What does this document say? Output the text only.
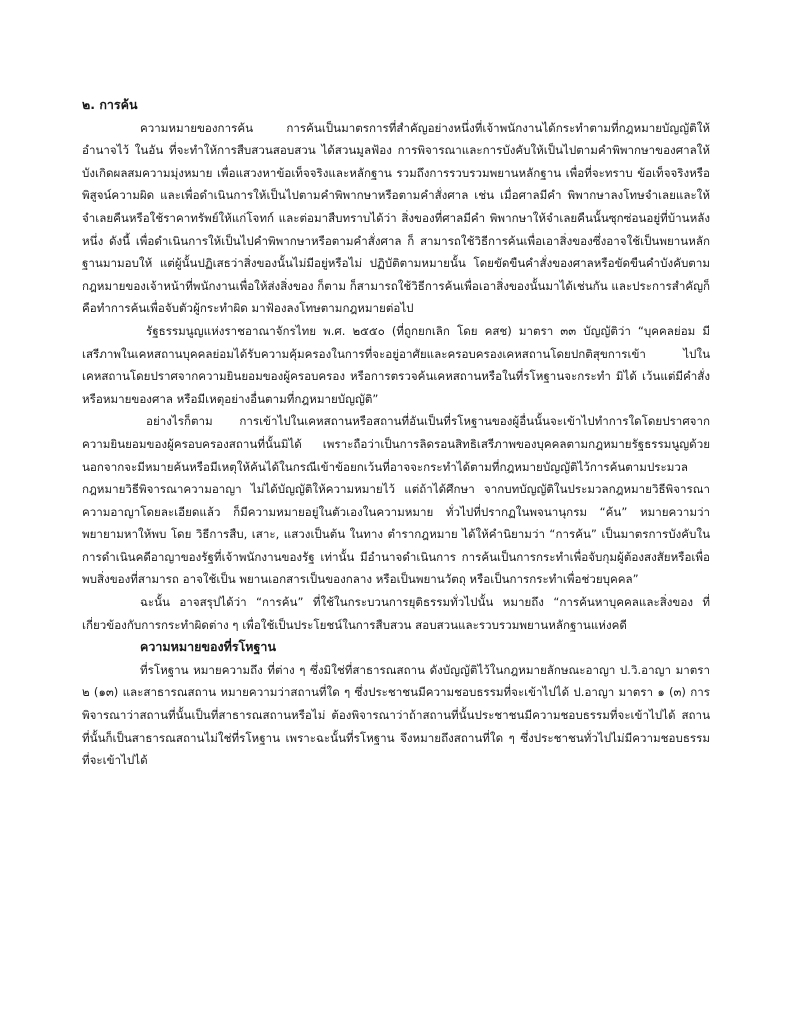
๒. การค้น

ความหมายของการค้น การค้นเป็นมาตรการที่สำคัญอย่างหนึ่งที่เจ้าพนักงานได้กระทำตามที่กฎหมายบัญญัติให้อำนาจไว้ ในอัน ที่จะทำให้การสืบสวนสอบสวน ได้สวนมูลฟ้อง การพิจารณาและการบังคับให้เป็นไปตามคำพิพากษาของศาลให้ บังเกิดผลสมความมุ่งหมาย เพื่อแสวงหาข้อเท็จจริงและหลักฐาน รวมถึงการรวบรวมพยานหลักฐาน เพื่อที่จะทราบ ข้อเท็จจริงหรือพิสูจน์ความผิด และเพื่อดำเนินการให้เป็นไปตามคำพิพากษาหรือตามคำสั่งศาล เช่น เมื่อศาลมีคำ พิพากษาลงโทษจำเลยและให้จำเลยคืนหรือใช้ราคาทรัพย์ให้แก่โจทก์ และต่อมาสืบทราบได้ว่า สิ่งของที่ศาลมีคำ พิพากษาให้จำเลยคืนนั้นซุกซ่อนอยู่ที่บ้านหลังหนึ่ง ดังนี้ เพื่อดำเนินการให้เป็นไปคำพิพากษาหรือตามคำสั่งศาล ก็ สามารถใช้วิธีการค้นเพื่อเอาสิ่งของซึ่งอาจใช้เป็นพยานหลักฐานมามอบให้ แต่ผู้นั้นปฏิเสธว่าสิ่งของนั้นไม่มีอยู่หรือไม่ ปฏิบัติตามหมายนั้น โดยขัดขืนคำสั่งของศาลหรือขัดขืนคำบังคับตามกฎหมายของเจ้าหน้าที่พนักงานเพื่อให้ส่งสิ่งของ ก็ตาม ก็สามารถใช้วิธีการค้นเพื่อเอาสิ่งของนั้นมาได้เช่นกัน และประการสำคัญก็คือทำการค้นเพื่อจับตัวผู้กระทำผิด มาฟ้องลงโทษตามกฎหมายต่อไป

รัฐธรรมนูญแห่งราชอาณาจักรไทย พ.ศ. ๒๕๕๐ (ที่ถูกยกเลิก โดย คสช) มาตรา ๓๓ บัญญัติว่า “บุคคลย่อม มีเสรีภาพในเคหสถานบุคคลย่อมได้รับความคุ้มครองในการที่จะอยู่อาศัยและครอบครองเคหสถานโดยปกติสุขการเข้า ไปในเคหสถานโดยปราศจากความยินยอมของผู้ครอบครอง หรือการตรวจค้นเคหสถานหรือในที่รโหฐานจะกระทำ มิได้ เว้นแต่มีคำสั่งหรือหมายของศาล หรือมีเหตุอย่างอื่นตามที่กฎหมายบัญญัติ”

อย่างไรก็ตาม การเข้าไปในเคหสถานหรือสถานที่อันเป็นที่รโหฐานของผู้อื่นนั้นจะเข้าไปทำการใดโดยปราศจากความยินยอมของผู้ครอบครองสถานที่นั้นมิได้ เพราะถือว่าเป็นการลิดรอนสิทธิเสรีภาพของบุคคลตามกฎหมายรัฐธรรมนูญด้วย นอกจากจะมีหมายค้นหรือมีเหตุให้ค้นได้ในกรณีเข้าข้อยกเว้นที่อาจจะกระทำได้ตามที่กฎหมายบัญญัติไว้การค้นตามประมวลกฎหมายวิธีพิจารณาความอาญา ไม่ได้บัญญัติให้ความหมายไว้ แต่ถ้าได้ศึกษา จากบทบัญญัติในประมวลกฎหมายวิธีพิจารณาความอาญาโดยละเอียดแล้ว ก็มีความหมายอยู่ในตัวเองในความหมาย ทั่วไปที่ปรากฏในพจนานุกรม “ค้น” หมายความว่า พยายามหาให้พบ โดย วิธีการสืบ, เสาะ, แสวงเป็นต้น ในทาง ตำรากฎหมาย ได้ให้คำนิยามว่า “การค้น” เป็นมาตรการบังคับในการดำเนินคดีอาญาของรัฐที่เจ้าพนักงานของรัฐ เท่านั้น มีอำนาจดำเนินการ การค้นเป็นการกระทำเพื่อจับกุมผู้ต้องสงสัยหรือเพื่อพบสิ่งของที่สามารถ อาจใช้เป็น พยานเอกสารเป็นของกลาง หรือเป็นพยานวัตถุ หรือเป็นการกระทำเพื่อช่วยบุคคล”

ฉะนั้น อาจสรุปได้ว่า “การค้น” ที่ใช้ในกระบวนการยุติธรรมทั่วไปนั้น หมายถึง “การค้นหาบุคคลและสิ่งของ ที่เกี่ยวข้องกับการกระทำผิดต่าง ๆ เพื่อใช้เป็นประโยชน์ในการสืบสวน สอบสวนและรวบรวมพยานหลักฐานแห่งคดี

ความหมายของที่รโหฐาน

ที่รโหฐาน หมายความถึง ที่ต่าง ๆ ซึ่งมิใช่ที่สาธารณสถาน ดังบัญญัติไว้ในกฎหมายลักษณะอาญา ป.วิ.อาญา มาตรา ๒ (๑๓) และสาธารณสถาน หมายความว่าสถานที่ใด ๆ ซึ่งประชาชนมีความชอบธรรมที่จะเข้าไปได้ ป.อาญา มาตรา ๑ (๓) การพิจารณาว่าสถานที่นั้นเป็นที่สาธารณสถานหรือไม่ ต้องพิจารณาว่าถ้าสถานที่นั้นประชาชนมีความชอบธรรมที่จะเข้าไปได้ สถานที่นั้นก็เป็นสาธารณสถานไม่ใช่ที่รโหฐาน เพราะฉะนั้นที่รโหฐาน จึงหมายถึงสถานที่ใด ๆ ซึ่งประชาชนทั่วไปไม่มีความชอบธรรมที่จะเข้าไปได้
